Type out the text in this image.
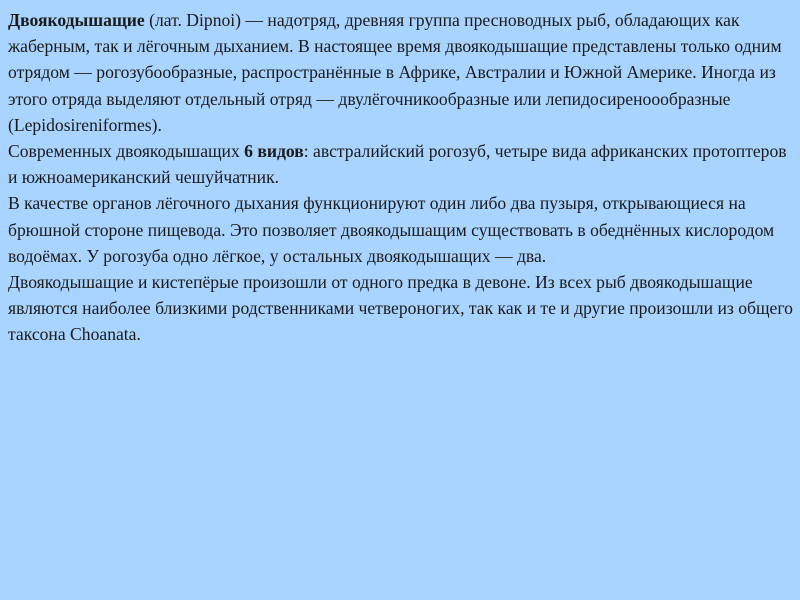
Двоякодышащие (лат. Dipnoi) — надотряд, древняя группа пресноводных рыб, обладающих как жаберным, так и лёгочным дыханием. В настоящее время двоякодышащие представлены только одним отрядом — рогозубообразные, распространённые в Африке, Австралии и Южной Америке. Иногда из этого отряда выделяют отдельный отряд — двулёгочникообразные или лепидосиреноообразные (Lepidosireniformes).
Современных двоякодышащих 6 видов: австралийский рогозуб, четыре вида африканских протоптеров и южноамериканский чешуйчатник.
В качестве органов лёгочного дыхания функционируют один либо два пузыря, открывающиеся на брюшной стороне пищевода. Это позволяет двоякодышащим существовать в обеднённых кислородом водоёмах. У рогозуба одно лёгкое, у остальных двоякодышащих — два.
Двоякодышащие и кистепёрые произошли от одного предка в девоне. Из всех рыб двоякодышащие являются наиболее близкими родственниками четвероногих, так как и те и другие произошли из общего таксона Choanata.
